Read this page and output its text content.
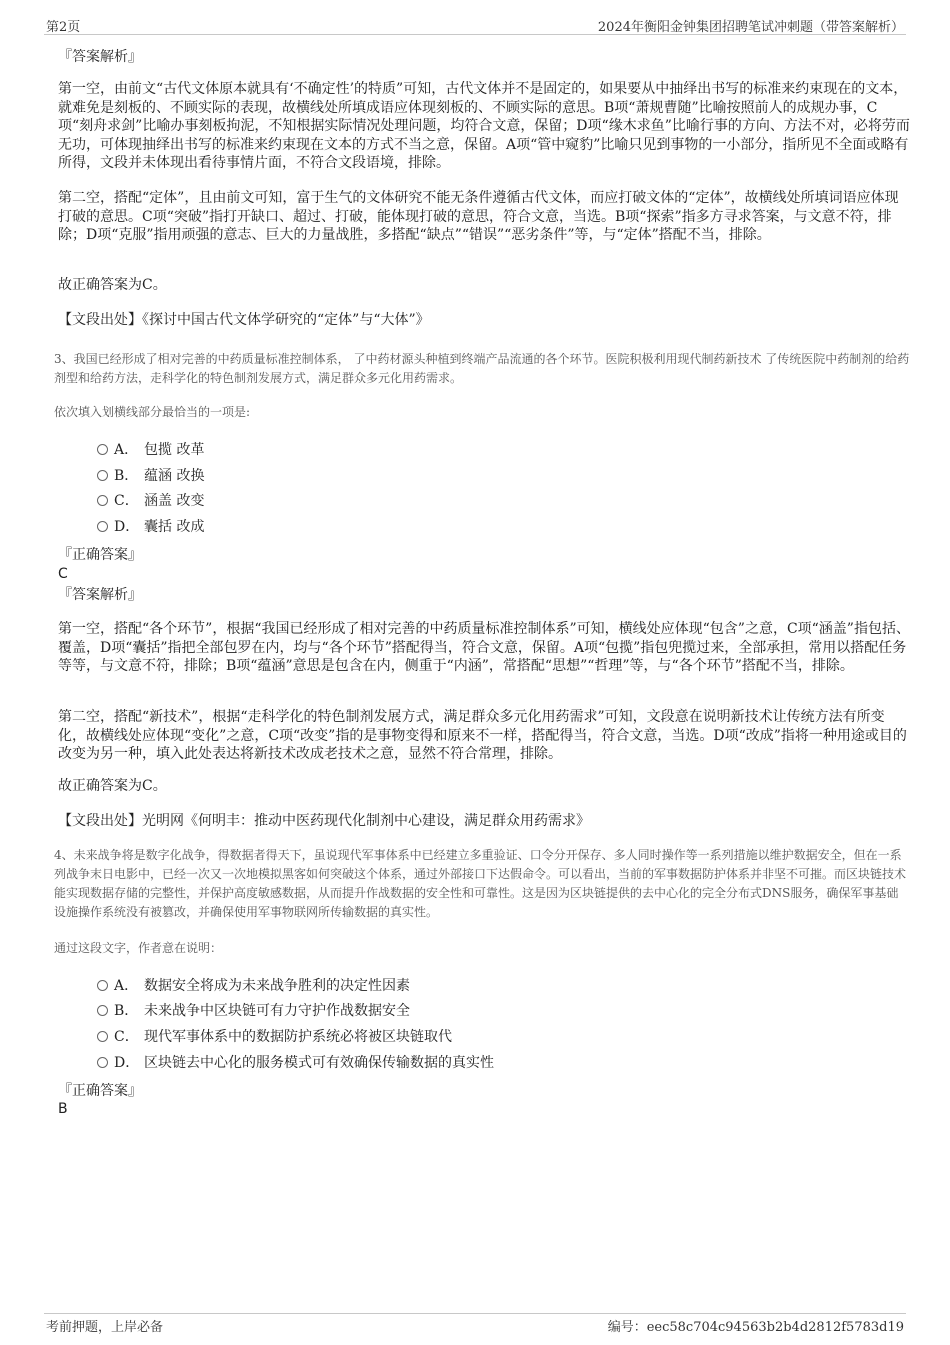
第2页	2024年衡阳金钟集团招聘笔试冲刺题（带答案解析）
『答案解析』

第一空，由前文“古代文体原本就具有‘不确定性’的特质”可知，古代文体并不是固定的，如果要从中抽绎出书写的标准来约束现在的文本，就难免是刻板的、不顾实际的表现，故横线处所填成语应体现刻板的、不顾实际的意思。B项“萧规曹随”比喻按照前人的成规办事，C项“刻舟求剑”比喻办事刻板拘泥，不知根据实际情况处理问题，均符合文意，保留；D项“缘木求鱼”比喻行事的方向、方法不对，必将劳而无功，可体现抽绎出书写的标准来约束现在文本的方式不当之意，保留。A项“管中窥豹”比喻只见到事物的一小部分，指所见不全面或略有所得，文段并未体现出看待事情片面，不符合文段语境，排除。

第二空，搭配“定体”，且由前文可知，富于生气的文体研究不能无条件遵循古代文体，而应打破文体的“定体”，故横线处所填词语应体现打破的意思。C项“突破”指打开缺口、超过、打破，能体现打破的意思，符合文意，当选。B项“探索”指多方寻求答案，与文意不符，排除；D项“克服”指用顽强的意志、巨大的力量战胜，多搭配“缺点”“错误”“恶劣条件”等，与“定体”搭配不当，排除。

故正确答案为C。
【文段出处】《探讨中国古代文体学研究的“定体”与“大体”》

3、我国已经形成了相对完善的中药质量标准控制体系， 了中药材源头种植到终端产品流通的各个环节。医院积极利用现代制药新技术 了传统医院中药制剂的给药剂型和给药方法，走科学化的特色制剂发展方式，满足群众多元化用药需求。

依次填入划横线部分最恰当的一项是:
A． 包揽 改革
B． 蕴涵 改换
C． 涵盖 改变
D． 囊括 改成
『正确答案』
C
『答案解析』

第一空，搭配“各个环节”，根据“我国已经形成了相对完善的中药质量标准控制体系”可知，横线处应体现“包含”之意，C项“涵盖”指包括、覆盖，D项“囊括”指把全部包罗在内，均与“各个环节”搭配得当，符合文意，保留。A项“包揽”指包兜揽过来，全部承担，常用以搭配任务等等，与文意不符，排除；B项“蕴涵”意思是包含在内，侧重于“内涵”，常搭配“思想”“哲理”等，与“各个环节”搭配不当，排除。

第二空，搭配“新技术”，根据“走科学化的特色制剂发展方式，满足群众多元化用药需求”可知，文段意在说明新技术让传统方法有所变化，故横线处应体现“变化”之意，C项“改变”指的是事物变得和原来不一样，搭配得当，符合文意，当选。D项“改成”指将一种用途或目的改变为另一种，填入此处表达将新技术改成老技术之意，显然不符合常理，排除。

故正确答案为C。
【文段出处】光明网《何明丰：推动中医药现代化制剂中心建设，满足群众用药需求》

4、未来战争将是数字化战争，得数据者得天下，虽说现代军事体系中已经建立多重验证、口令分开保存、多人同时操作等一系列措施以维护数据安全，但在一系列战争末日电影中，已经一次又一次地模拟黑客如何突破这个体系，通过外部接口下达假命令。可以看出，当前的军事数据防护体系并非坚不可摧。而区块链技术能实现数据存储的完整性，并保护高度敏感数据，从而提升作战数据的安全性和可靠性。这是因为区块链提供的去中心化的完全分布式DNS服务，确保军事基础设施操作系统没有被篡改，并确保使用军事物联网所传输数据的真实性。

通过这段文字，作者意在说明：
A． 数据安全将成为未来战争胜利的决定性因素
B． 未来战争中区块链可有力守护作战数据安全
C． 现代军事体系中的数据防护系统必将被区块链取代
D． 区块链去中心化的服务模式可有效确保传输数据的真实性
『正确答案』
B
考前押题，上岸必备	编号：eec58c704c94563b2b4d2812f5783d19
